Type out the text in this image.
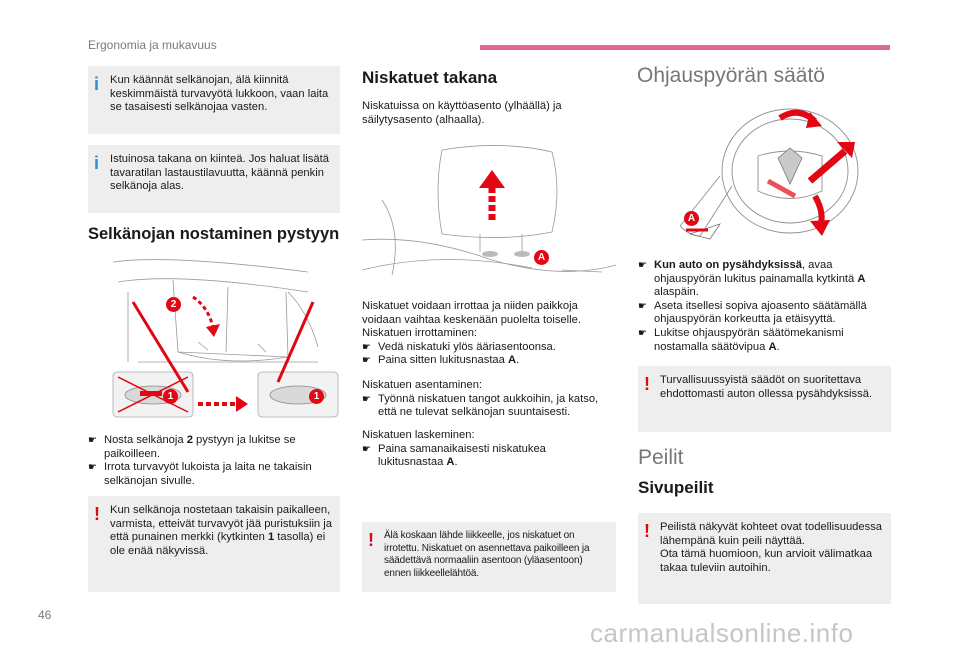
Ergonomia ja mukavuus
i Kun käännät selkänojan, älä kiinnitä keskimmäistä turvavyötä lukkoon, vaan laita se tasaisesti selkänojaa vasten.
i Istuinosa takana on kiinteä. Jos haluat lisätä tavaratilan lastaustilavuutta, käännä penkin selkänoja alas.
Selkänojan nostaminen pystyyn
2
1	1
☛ Nosta selkänoja 2 pystyyn ja lukitse se paikoilleen.
☛ Irrota turvavyöt lukoista ja laita ne takaisin selkänojan sivulle.
! Kun selkänoja nostetaan takaisin paikalleen, varmista, etteivät turvavyöt jää puristuksiin ja että punainen merkki (kytkinten 1 tasolla) ei ole enää näkyvissä.
Niskatuet takana
Niskatuissa on käyttöasento (ylhäällä) ja säilytysasento (alhaalla).
A
Niskatuet voidaan irrottaa ja niiden paikkoja voidaan vaihtaa keskenään puolelta toiselle. Niskatuen irrottaminen:
☛ Vedä niskatuki ylös ääriasentoonsa.
☛ Paina sitten lukitusnastaa A.
Niskatuen asentaminen:
☛ Työnnä niskatuen tangot aukkoihin, ja katso, että ne tulevat selkänojan suuntaisesti.
Niskatuen laskeminen:
☛ Paina samanaikaisesti niskatukea lukitusnastaa A.
! Älä koskaan lähde liikkeelle, jos niskatuet on irrotettu. Niskatuet on asennettava paikoilleen ja säädettävä normaaliin asentoon (yläasentoon) ennen liikkeellelähtöä.
Ohjauspyörän säätö
A
☛ Kun auto on pysähdyksissä, avaa ohjauspyörän lukitus painamalla kytkintä A alaspäin.
☛ Aseta itsellesi sopiva ajoasento säätämällä ohjauspyörän korkeutta ja etäisyyttä.
☛ Lukitse ohjauspyörän säätömekanismi nostamalla säätövipua A.
! Turvallisuussyistä säädöt on suoritettava ehdottomasti auton ollessa pysähdyksissä.
Peilit
Sivupeilit
! Peilistä näkyvät kohteet ovat todellisuudessa lähempänä kuin peili näyttää.
Ota tämä huomioon, kun arvioit välimatkaa takaa tuleviin autoihin.
46
carmanualsonline.info
